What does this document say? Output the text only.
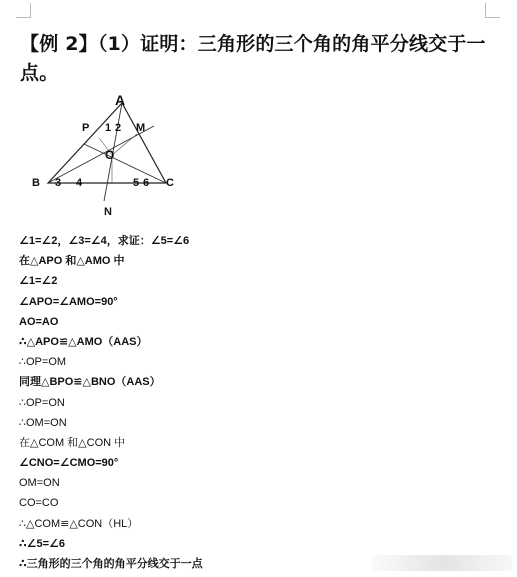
【例 2】（1）证明：三角形的三个角的角平分线交于一点。
A
P 1 2 M
O
B 3 4	5 6 C
N
∠1=∠2，∠3=∠4，求证：∠5=∠6
在△APO 和△AMO 中
∠1=∠2
∠APO=∠AMO=90°
AO=AO
∴△APO≌△AMO（AAS）
∴OP=OM
同理△BPO≌△BNO（AAS）
∴OP=ON
∴OM=ON
在△COM 和△CON 中
∠CNO=∠CMO=90°
OM=ON
CO=CO
∴△COM≌△CON（HL）
∴∠5=∠6
∴三角形的三个角的角平分线交于一点
